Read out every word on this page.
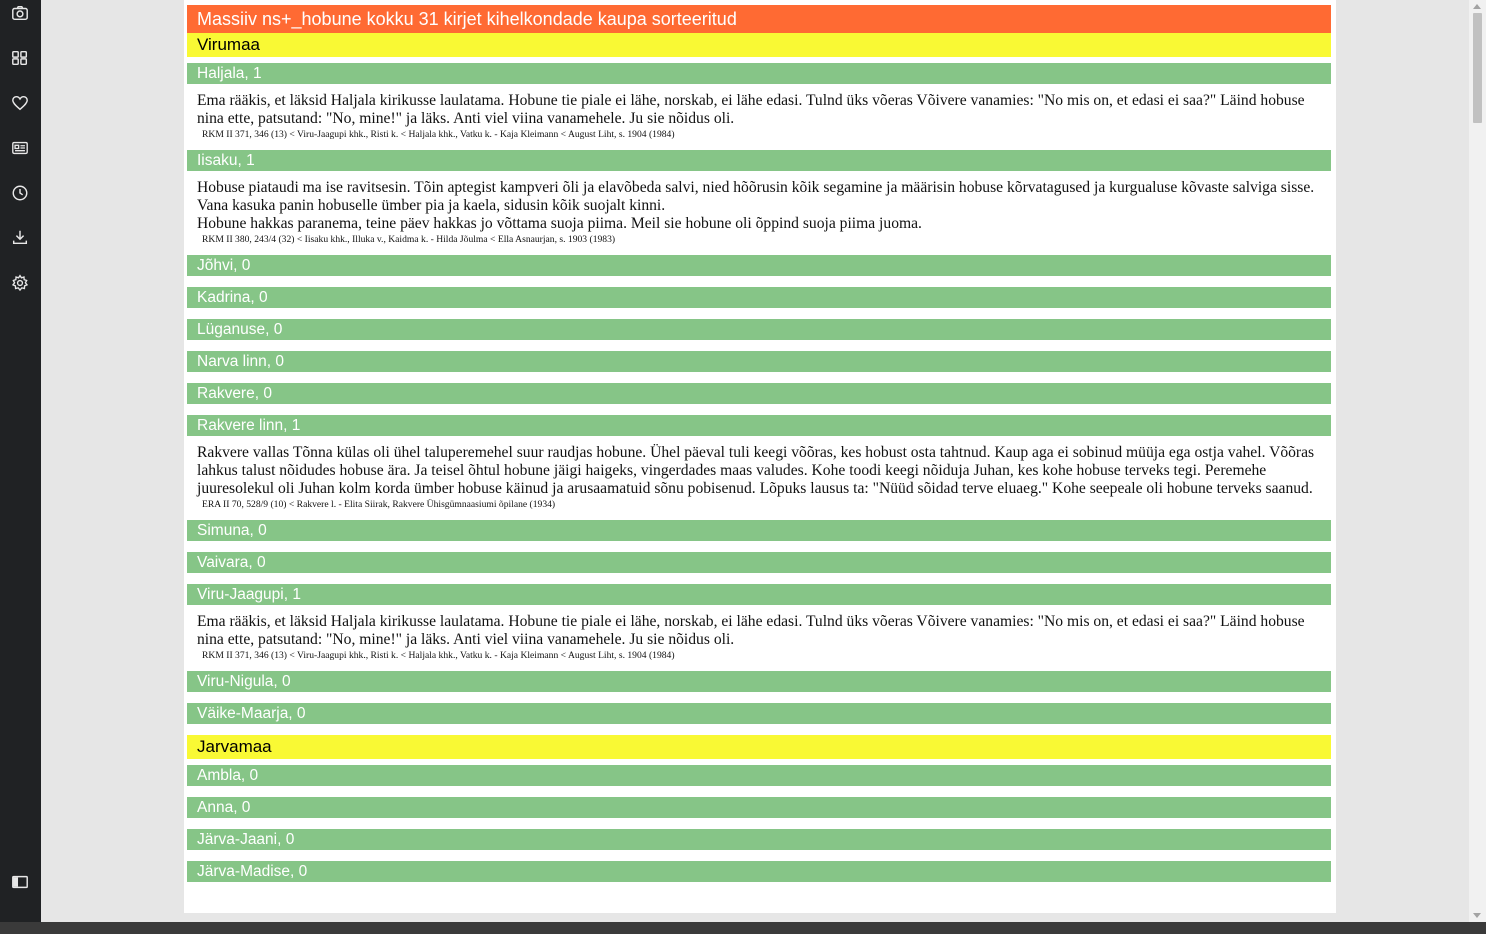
Massiiv ns+_hobune kokku 31 kirjet kihelkondade kaupa sorteeritud
Virumaa
Haljala, 1
Ema rääkis, et läksid Haljala kirikusse laulatama. Hobune tie piale ei lähe, norskab, ei lähe edasi. Tulnd üks võeras Võivere vanamies: "No mis on, et edasi ei saa?" Läind hobuse nina ette, patsutand: "No, mine!" ja läks. Anti viel viina vanamehele. Ju sie nõidus oli.
RKM II 371, 346 (13) < Viru-Jaagupi khk., Risti k. < Haljala khk., Vatku k. - Kaja Kleimann < August Liht, s. 1904 (1984)
Iisaku, 1
Hobuse piataudi ma ise ravitsesin. Tõin aptegist kampveri õli ja elavõbeda salvi, nied hõõrusin kõik segamine ja määrisin hobuse kõrvatagused ja kurgualuse kõvaste salviga sisse. Vana kasuka panin hobuselle ümber pia ja kaela, sidusin kõik suojalt kinni.
Hobune hakkas paranema, teine päev hakkas jo võttama suoja piima. Meil sie hobune oli õppind suoja piima juoma.
RKM II 380, 243/4 (32) < Iisaku khk., Illuka v., Kaidma k. - Hilda Jõulma < Ella Asnaurjan, s. 1903 (1983)
Jõhvi, 0
Kadrina, 0
Lüganuse, 0
Narva linn, 0
Rakvere, 0
Rakvere linn, 1
Rakvere vallas Tõnna külas oli ühel taluperemehel suur raudjas hobune. Ühel päeval tuli keegi võõras, kes hobust osta tahtnud. Kaup aga ei sobinud müüja ega ostja vahel. Võõras lahkus talust nõidudes hobuse ära. Ja teisel õhtul hobune jäigi haigeks, vingerdades maas valudes. Kohe toodi keegi nõiduja Juhan, kes kohe hobuse terveks tegi. Peremehe juuresolekul oli Juhan kolm korda ümber hobuse käinud ja arusaamatuid sõnu pobisenud. Lõpuks lausus ta: "Nüüd sõidad terve eluaeg." Kohe seepeale oli hobune terveks saanud.
ERA II 70, 528/9 (10) < Rakvere l. - Elita Siirak, Rakvere Ühisgümnaasiumi õpilane (1934)
Simuna, 0
Vaivara, 0
Viru-Jaagupi, 1
Ema rääkis, et läksid Haljala kirikusse laulatama. Hobune tie piale ei lähe, norskab, ei lähe edasi. Tulnd üks võeras Võivere vanamies: "No mis on, et edasi ei saa?" Läind hobuse nina ette, patsutand: "No, mine!" ja läks. Anti viel viina vanamehele. Ju sie nõidus oli.
RKM II 371, 346 (13) < Viru-Jaagupi khk., Risti k. < Haljala khk., Vatku k. - Kaja Kleimann < August Liht, s. 1904 (1984)
Viru-Nigula, 0
Väike-Maarja, 0
Jarvamaa
Ambla, 0
Anna, 0
Järva-Jaani, 0
Järva-Madise, 0
